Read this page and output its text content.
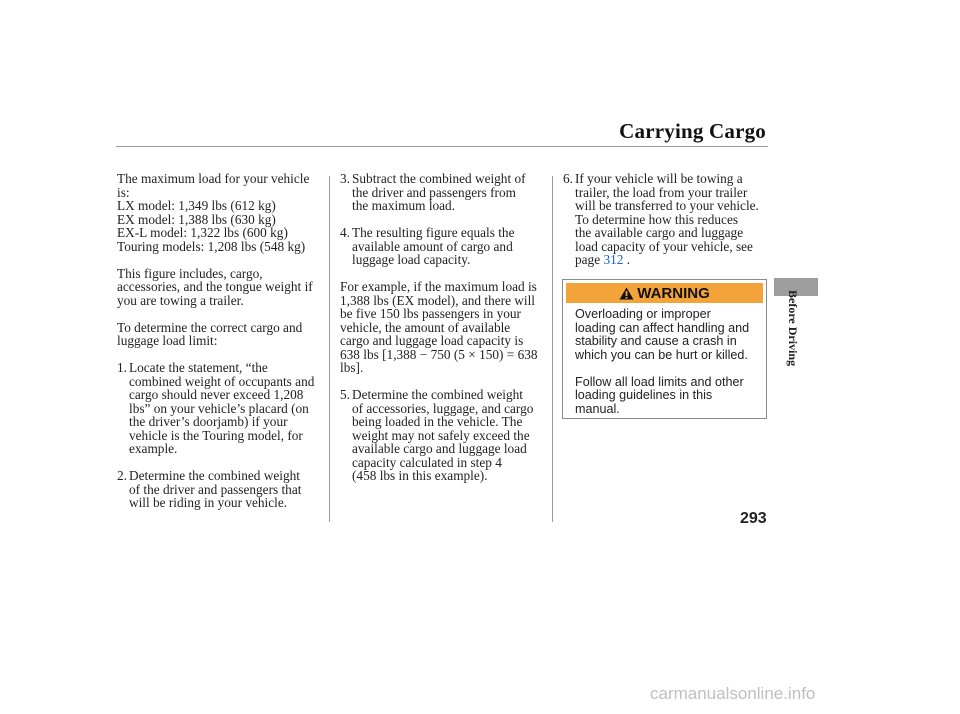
Carrying Cargo
Before Driving

The maximum load for your vehicle
is:
LX model: 1,349 lbs (612 kg)
EX model: 1,388 lbs (630 kg)
EX-L model: 1,322 lbs (600 kg)
Touring models: 1,208 lbs (548 kg)

This figure includes, cargo,
accessories, and the tongue weight if
you are towing a trailer.

To determine the correct cargo and
luggage load limit:

1. Locate the statement, “the
combined weight of occupants and
cargo should never exceed 1,208
lbs” on your vehicle’s placard (on
the driver’s doorjamb) if your
vehicle is the Touring model, for
example.
2. Determine the combined weight
of the driver and passengers that
will be riding in your vehicle.
3. Subtract the combined weight of
the driver and passengers from
the maximum load.
4. The resulting figure equals the
available amount of cargo and
luggage load capacity.

For example, if the maximum load is
1,388 lbs (EX model), and there will
be five 150 lbs passengers in your
vehicle, the amount of available
cargo and luggage load capacity is
638 lbs [1,388 − 750 (5 × 150) = 638
lbs].

5. Determine the combined weight
of accessories, luggage, and cargo
being loaded in the vehicle. The
weight may not safely exceed the
available cargo and luggage load
capacity calculated in step 4
(458 lbs in this example).
6. If your vehicle will be towing a
trailer, the load from your trailer
will be transferred to your vehicle.
To determine how this reduces
the available cargo and luggage
load capacity of your vehicle, see
page 312 .
WARNING

Overloading or improper
loading can affect handling and
stability and cause a crash in
which you can be hurt or killed.

Follow all load limits and other
loading guidelines in this
manual.

293
carmanualsonline.info
